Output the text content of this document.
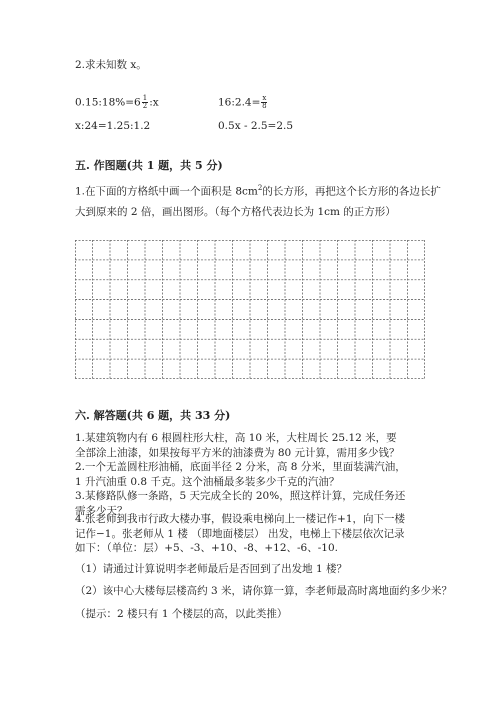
2.求未知数 x。
0.15:18%=6 $\frac{1}{2}$ :x	16:2.4= $\frac{x}{8}$
x:24=1.25:1.2	0.5x - 2.5=2.5
五. 作图题(共 1 题，共 5 分)
1.在下面的方格纸中画一个面积是 $8cm^2$的长方形，再把这个长方形的各边长扩
大到原来的 2 倍，画出图形。（每个方格代表边长为 1cm 的正方形）
六. 解答题(共 6 题，共 33 分)
1.某建筑物内有 6 根圆柱形大柱，高 10 米，大柱周长 25.12 米，要全部涂上油漆，如果按每平方米的油漆费为 80 元计算，需用多少钱？
2.一个无盖圆柱形油桶，底面半径 2 分米，高 8 分米，里面装满汽油，1 升汽油重 0.8 千克。这个油桶最多装多少千克的汽油？
3.某修路队修一条路，5 天完成全长的 20%，照这样计算，完成任务还需多少天？
4.张老师到我市行政大楼办事，假设乘电梯向上一楼记作+1，向下一楼记作−1。张老师从 1 楼 （即地面楼层） 出发，电梯上下楼层依次记录如下：（单位：层）+5、-3、+10、-8、+12、-6、-10.
（1）请通过计算说明李老师最后是否回到了出发地 1 楼？
（2）该中心大楼每层楼高约 3 米，请你算一算，李老师最高时离地面约多少米？
（提示：2 楼只有 1 个楼层的高，以此类推）
